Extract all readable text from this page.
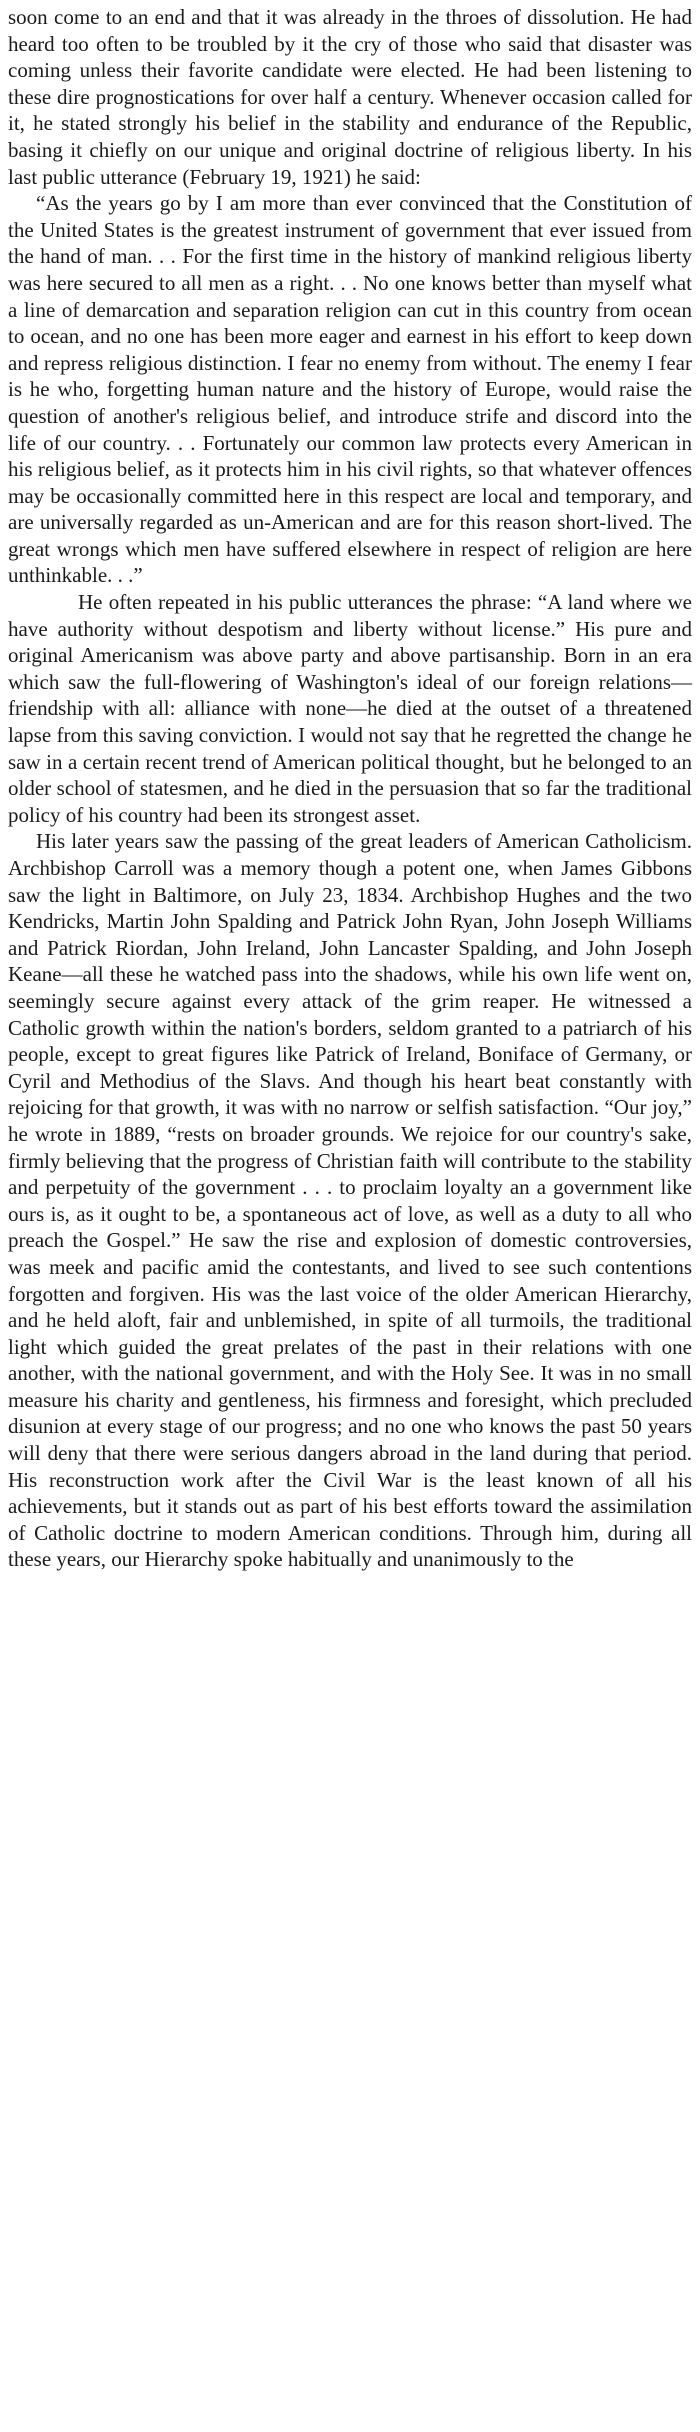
soon come to an end and that it was already in the throes of dissolution. He had heard too often to be troubled by it the cry of those who said that disaster was coming unless their favorite candidate were elected. He had been listening to these dire prognostications for over half a century. Whenever occasion called for it, he stated strongly his belief in the stability and endurance of the Republic, basing it chiefly on our unique and original doctrine of religious liberty. In his last public utterance (February 19, 1921) he said:

“As the years go by I am more than ever convinced that the Constitution of the United States is the greatest instrument of government that ever issued from the hand of man. . . For the first time in the history of mankind religious liberty was here secured to all men as a right. . . No one knows better than myself what a line of demarcation and separation religion can cut in this country from ocean to ocean, and no one has been more eager and earnest in his effort to keep down and repress religious distinction. I fear no enemy from without. The enemy I fear is he who, forgetting human nature and the history of Europe, would raise the question of another's religious belief, and introduce strife and discord into the life of our country. . . Fortunately our common law protects every American in his religious belief, as it protects him in his civil rights, so that whatever offences may be occasionally committed here in this respect are local and temporary, and are universally regarded as un-American and are for this reason short-lived. The great wrongs which men have suffered elsewhere in respect of religion are here unthinkable. . .”

He often repeated in his public utterances the phrase: “A land where we have authority without despotism and liberty without license.” His pure and original Americanism was above party and above partisanship. Born in an era which saw the full-flowering of Washington's ideal of our foreign relations—friendship with all: alliance with none—he died at the outset of a threatened lapse from this saving conviction. I would not say that he regretted the change he saw in a certain recent trend of American political thought, but he belonged to an older school of statesmen, and he died in the persuasion that so far the traditional policy of his country had been its strongest asset.

His later years saw the passing of the great leaders of American Catholicism. Archbishop Carroll was a memory though a potent one, when James Gibbons saw the light in Baltimore, on July 23, 1834. Archbishop Hughes and the two Kendricks, Martin John Spalding and Patrick John Ryan, John Joseph Williams and Patrick Riordan, John Ireland, John Lancaster Spalding, and John Joseph Keane—all these he watched pass into the shadows, while his own life went on, seemingly secure against every attack of the grim reaper. He witnessed a Catholic growth within the nation's borders, seldom granted to a patriarch of his people, except to great figures like Patrick of Ireland, Boniface of Germany, or Cyril and Methodius of the Slavs. And though his heart beat constantly with rejoicing for that growth, it was with no narrow or selfish satisfaction. “Our joy,” he wrote in 1889, “rests on broader grounds. We rejoice for our country's sake, firmly believing that the progress of Christian faith will contribute to the stability and perpetuity of the government . . . to proclaim loyalty an a government like ours is, as it ought to be, a spontaneous act of love, as well as a duty to all who preach the Gospel.” He saw the rise and explosion of domestic controversies, was meek and pacific amid the contestants, and lived to see such contentions forgotten and forgiven. His was the last voice of the older American Hierarchy, and he held aloft, fair and unblemished, in spite of all turmoils, the traditional light which guided the great prelates of the past in their relations with one another, with the national government, and with the Holy See. It was in no small measure his charity and gentleness, his firmness and foresight, which precluded disunion at every stage of our progress; and no one who knows the past 50 years will deny that there were serious dangers abroad in the land during that period. His reconstruction work after the Civil War is the least known of all his achievements, but it stands out as part of his best efforts toward the assimilation of Catholic doctrine to modern American conditions. Through him, during all these years, our Hierarchy spoke habitually and unanimously to the
